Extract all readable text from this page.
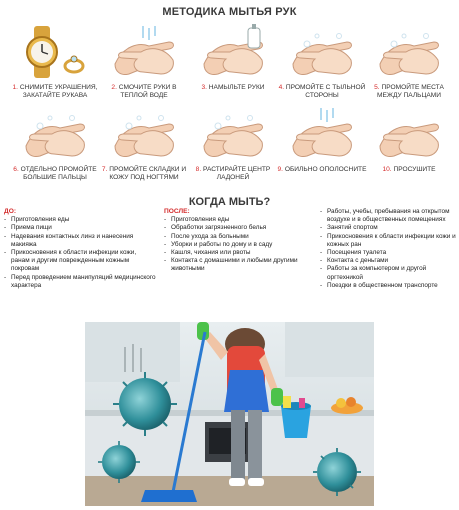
МЕТОДИКА МЫТЬЯ РУК
1. СНИМИТЕ УКРАШЕНИЯ, ЗАКАТАЙТЕ РУКАВА
2. СМОЧИТЕ РУКИ В ТЕПЛОЙ ВОДЕ
3. НАМЫЛЬТЕ РУКИ	4. ПРОМОЙТЕ С ТЫЛЬНОЙ СТОРОНЫ
5. ПРОМОЙТЕ МЕСТА МЕЖДУ ПАЛЬЦАМИ
6. ОТДЕЛЬНО ПРОМОЙТЕ БОЛЬШИЕ ПАЛЬЦЫ
7. ПРОМОЙТЕ СКЛАДКИ И КОЖУ ПОД НОГТЯМИ
8. РАСТИРАЙТЕ ЦЕНТР ЛАДОНЕЙ
9. ОБИЛЬНО ОПОЛОСНИТЕ	10. ПРОСУШИТЕ
КОГДА МЫТЬ?
ДО:
- Приготовления еды
- Приема пищи
- Надевания контактных линз и нанесения макияжа
- Прикосновения к области инфекции кожи, ранам и другим поврежденным кожным покровам
- Перед проведением манипуляций медицинского характера
ПОСЛЕ:
- Приготовления еды
- Обработки загрязненного белья
- После ухода за больными
- Уборки и работы по дому и в саду
- Кашля, чихания или рвоты
- Контакта с домашними и любыми другими животными
- Работы, учебы, пребывания на открытом воздухе и в общественных помещениях
- Занятий спортом
- Прикосновения к области инфекции кожи и кожных ран
- Посещения туалета
- Контакта с деньгами
- Работы за компьютером и другой оргтехникой
- Поездки в общественном транспорте
